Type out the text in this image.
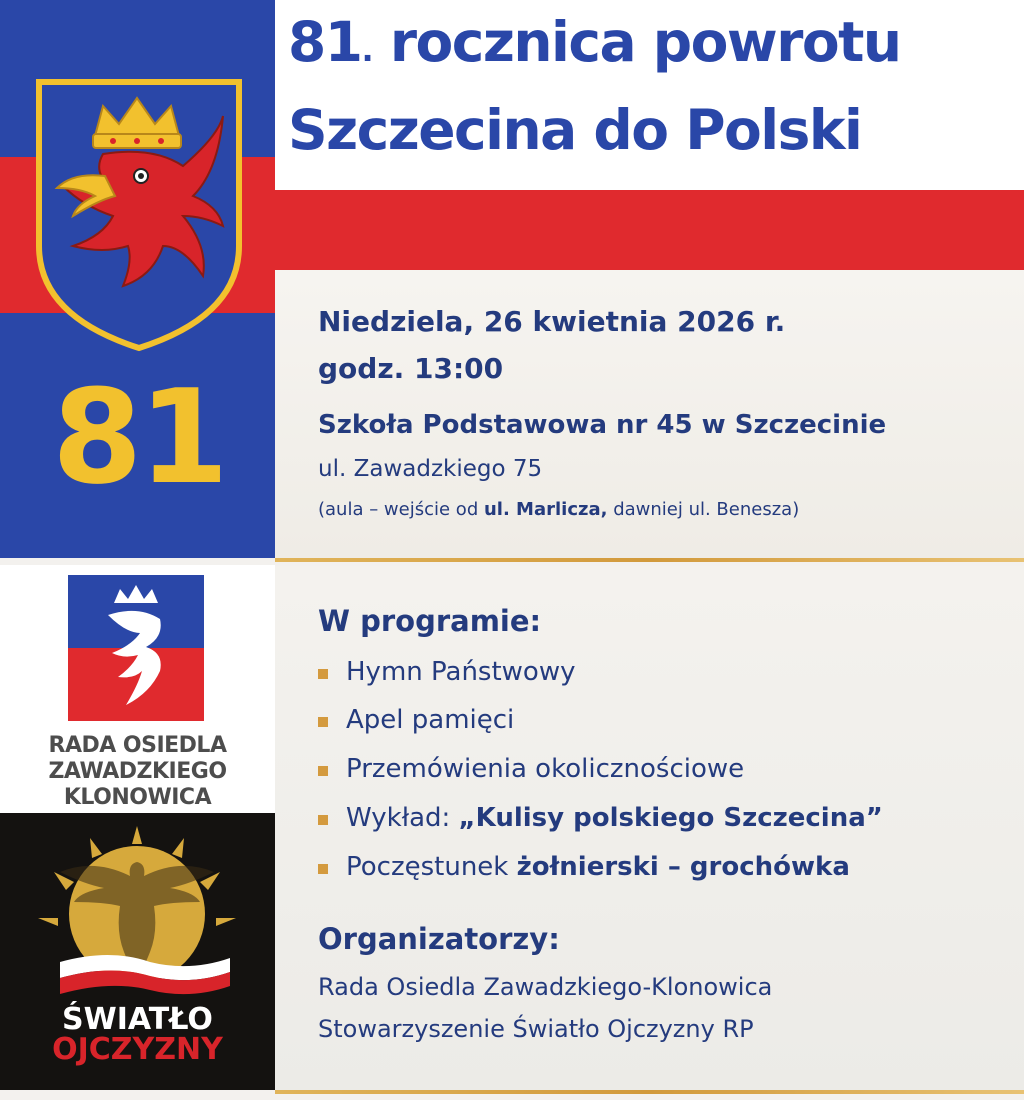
81
RADA OSIEDLA
ZAWADZKIEGO
KLONOWICA
ŚWIATŁO
OJCZYZNY
81. rocznica powrotu
Szczecina do Polski
Niedziela, 26 kwietnia 2026 r.
godz. 13:00
Szkoła Podstawowa nr 45 w Szczecinie
ul. Zawadzkiego 75
(aula – wejście od ul. Marlicza, dawniej ul. Benesza)
W programie:
Hymn Państwowy
Apel pamięci
Przemówienia okolicznościowe
Wykład: „Kulisy polskiego Szczecina”
Poczęstunek żołnierski – grochówka
Organizatorzy:
Rada Osiedla Zawadzkiego-Klonowica
Stowarzyszenie Światło Ojczyzny RP
